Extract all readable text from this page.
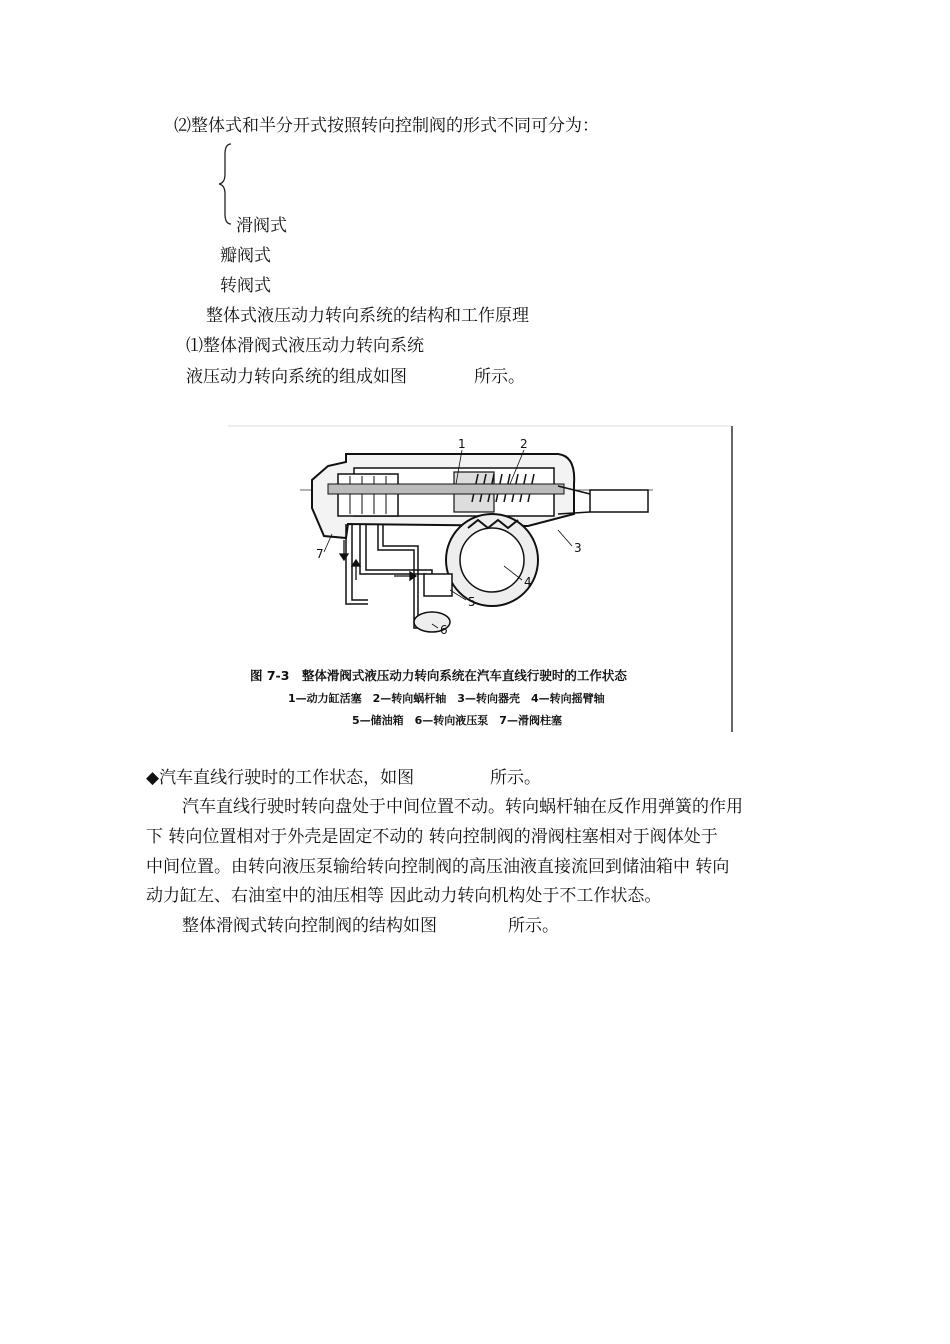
⑵整体式和半分开式按照转向控制阀的形式不同可分为：
滑阀式
瓣阀式
转阀式
整体式液压动力转向系统的结构和工作原理
⑴整体滑阀式液压动力转向系统
液压动力转向系统的组成如图	所示。
1	2
3
4
5
6
7
图 7-3　整体滑阀式液压动力转向系统在汽车直线行驶时的工作状态
1—动力缸活塞　2—转向蜗杆轴　3—转向器壳　4—转向摇臂轴
5—储油箱　6—转向液压泵　7—滑阀柱塞
◆汽车直线行驶时的工作状态，如图	所示。
汽车直线行驶时转向盘处于中间位置不动。转向蜗杆轴在反作用弹簧的作用
下 转向位置相对于外壳是固定不动的 转向控制阀的滑阀柱塞相对于阀体处于
中间位置。由转向液压泵输给转向控制阀的高压油液直接流回到储油箱中 转向
动力缸左、右油室中的油压相等 因此动力转向机构处于不工作状态。
整体滑阀式转向控制阀的结构如图	所示。
